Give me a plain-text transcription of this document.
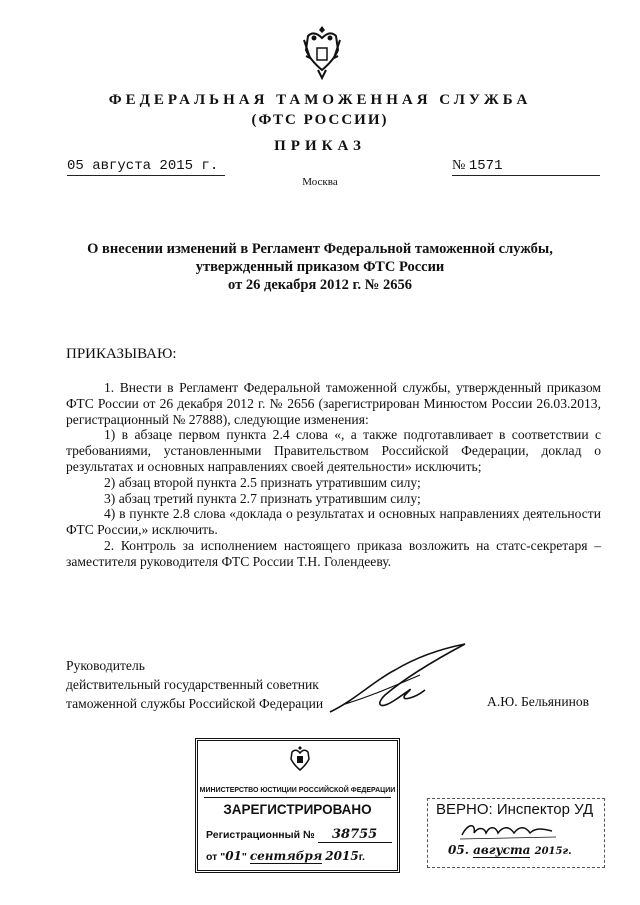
ФЕДЕРАЛЬНАЯ ТАМОЖЕННАЯ СЛУЖБА
(ФТС РОССИИ)
ПРИКАЗ
05 августа 2015 г.	№ 1571
Москва
О внесении изменений в Регламент Федеральной таможенной службы,
утвержденный приказом ФТС России
от 26 декабря 2012 г. № 2656
ПРИКАЗЫВАЮ:

1. Внести в Регламент Федеральной таможенной службы, утвержденный приказом ФТС России от 26 декабря 2012 г. № 2656 (зарегистрирован Минюстом России 26.03.2013, регистрационный № 27888), следующие изменения:

1) в абзаце первом пункта 2.4 слова «, а также подготавливает в соответствии с требованиями, установленными Правительством Российской Федерации, доклад о результатах и основных направлениях своей деятельности» исключить;

2) абзац второй пункта 2.5 признать утратившим силу;

3) абзац третий пункта 2.7 признать утратившим силу;

4) в пункте 2.8 слова «доклада о результатах и основных направлениях деятельности ФТС России,» исключить.

2. Контроль за исполнением настоящего приказа возложить на статс-секретаря – заместителя руководителя ФТС России Т.Н. Голендееву.

Руководитель
действительный государственный советник
таможенной службы Российской Федерации	А.Ю. Бельянинов
МИНИСТЕРСТВО ЮСТИЦИИ РОССИЙСКОЙ ФЕДЕРАЦИИ
ЗАРЕГИСТРИРОВАНО
Регистрационный № 38755
от "01" сентября 2015г.
ВЕРНО: Инспектор УД
05. августа 2015г.
